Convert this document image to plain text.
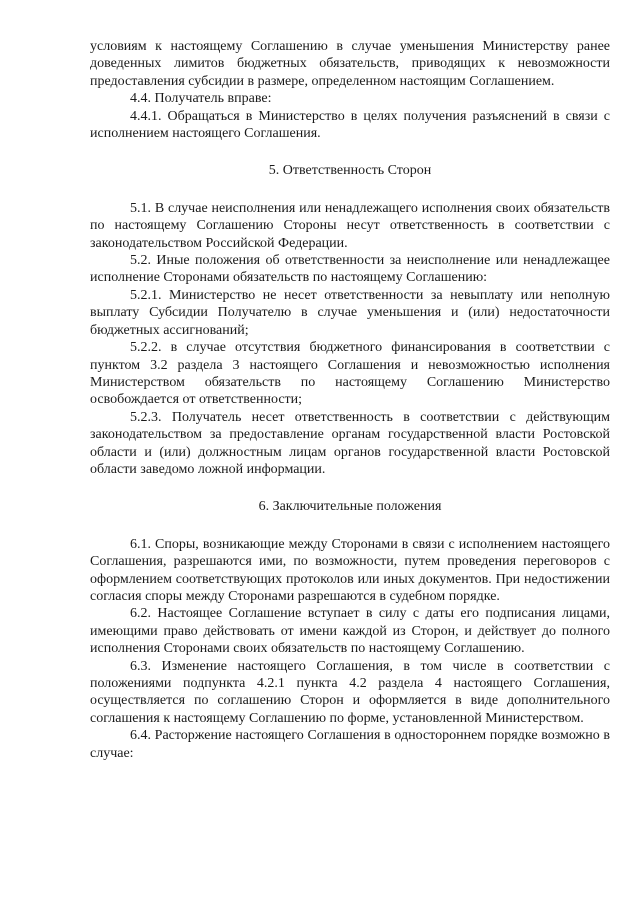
условиям к настоящему Соглашению в случае уменьшения Министерству ранее доведенных лимитов бюджетных обязательств, приводящих к невозможности предоставления субсидии в размере, определенном настоящим Соглашением.

4.4. Получатель вправе:

4.4.1. Обращаться в Министерство в целях получения разъяснений в связи с исполнением настоящего Соглашения.

5. Ответственность Сторон

5.1. В случае неисполнения или ненадлежащего исполнения своих обязательств по настоящему Соглашению Стороны несут ответственность в соответствии с законодательством Российской Федерации.

5.2. Иные положения об ответственности за неисполнение или ненадлежащее исполнение Сторонами обязательств по настоящему Соглашению:

5.2.1. Министерство не несет ответственности за невыплату или неполную выплату Субсидии Получателю в случае уменьшения и (или) недостаточности бюджетных ассигнований;

5.2.2. в случае отсутствия бюджетного финансирования в соответствии с пунктом 3.2 раздела 3 настоящего Соглашения и невозможностью исполнения Министерством обязательств по настоящему Соглашению Министерство освобождается от ответственности;

5.2.3. Получатель несет ответственность в соответствии с действующим законодательством за предоставление органам государственной власти Ростовской области и (или) должностным лицам органов государственной власти Ростовской области заведомо ложной информации.

6. Заключительные положения

6.1. Споры, возникающие между Сторонами в связи с исполнением настоящего Соглашения, разрешаются ими, по возможности, путем проведения переговоров с оформлением соответствующих протоколов или иных документов. При недостижении согласия споры между Сторонами разрешаются в судебном порядке.

6.2. Настоящее Соглашение вступает в силу с даты его подписания лицами, имеющими право действовать от имени каждой из Сторон, и действует до полного исполнения Сторонами своих обязательств по настоящему Соглашению.

6.3. Изменение настоящего Соглашения, в том числе в соответствии с положениями подпункта 4.2.1 пункта 4.2 раздела 4 настоящего Соглашения, осуществляется по соглашению Сторон и оформляется в виде дополнительного соглашения к настоящему Соглашению по форме, установленной Министерством.

6.4. Расторжение настоящего Соглашения в одностороннем порядке возможно в случае:
